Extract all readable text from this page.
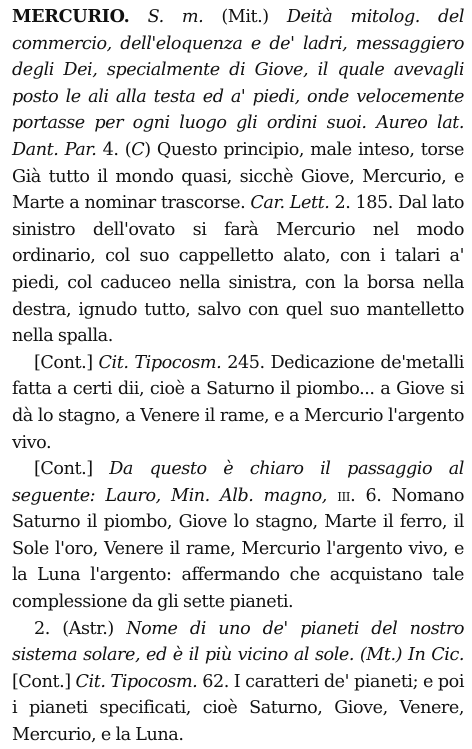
MERCURIO. S. m. (Mit.) Deità mitolog. del commercio, dell'eloquenza e de' ladri, messaggiero degli Dei, specialmente di Giove, il quale avevagli posto le ali alla testa ed a' piedi, onde velocemente portasse per ogni luogo gli ordini suoi. Aureo lat. Dant. Par. 4. (C) Questo principio, male inteso, torse Già tutto il mondo quasi, sicchè Giove, Mercurio, e Marte a nominar trascorse. Car. Lett. 2. 185. Dal lato sinistro dell'ovato si farà Mercurio nel modo ordinario, col suo cappelletto alato, con i talari a' piedi, col caduceo nella sinistra, con la borsa nella destra, ignudo tutto, salvo con quel suo mantelletto nella spalla.
[Cont.] Cit. Tipocosm. 245. Dedicazione de'metalli fatta a certi dii, cioè a Saturno il piombo... a Giove si dà lo stagno, a Venere il rame, e a Mercurio l'argento vivo.
[Cont.] Da questo è chiaro il passaggio al seguente: Lauro, Min. Alb. magno, iii. 6. Nomano Saturno il piombo, Giove lo stagno, Marte il ferro, il Sole l'oro, Venere il rame, Mercurio l'argento vivo, e la Luna l'argento: affermando che acquistano tale complessione da gli sette pianeti.
2. (Astr.) Nome di uno de' pianeti del nostro sistema solare, ed è il più vicino al sole. (Mt.) In Cic. [Cont.] Cit. Tipocosm. 62. I caratteri de' pianeti; e poi i pianeti specificati, cioè Saturno, Giove, Venere, Mercurio, e la Luna.
